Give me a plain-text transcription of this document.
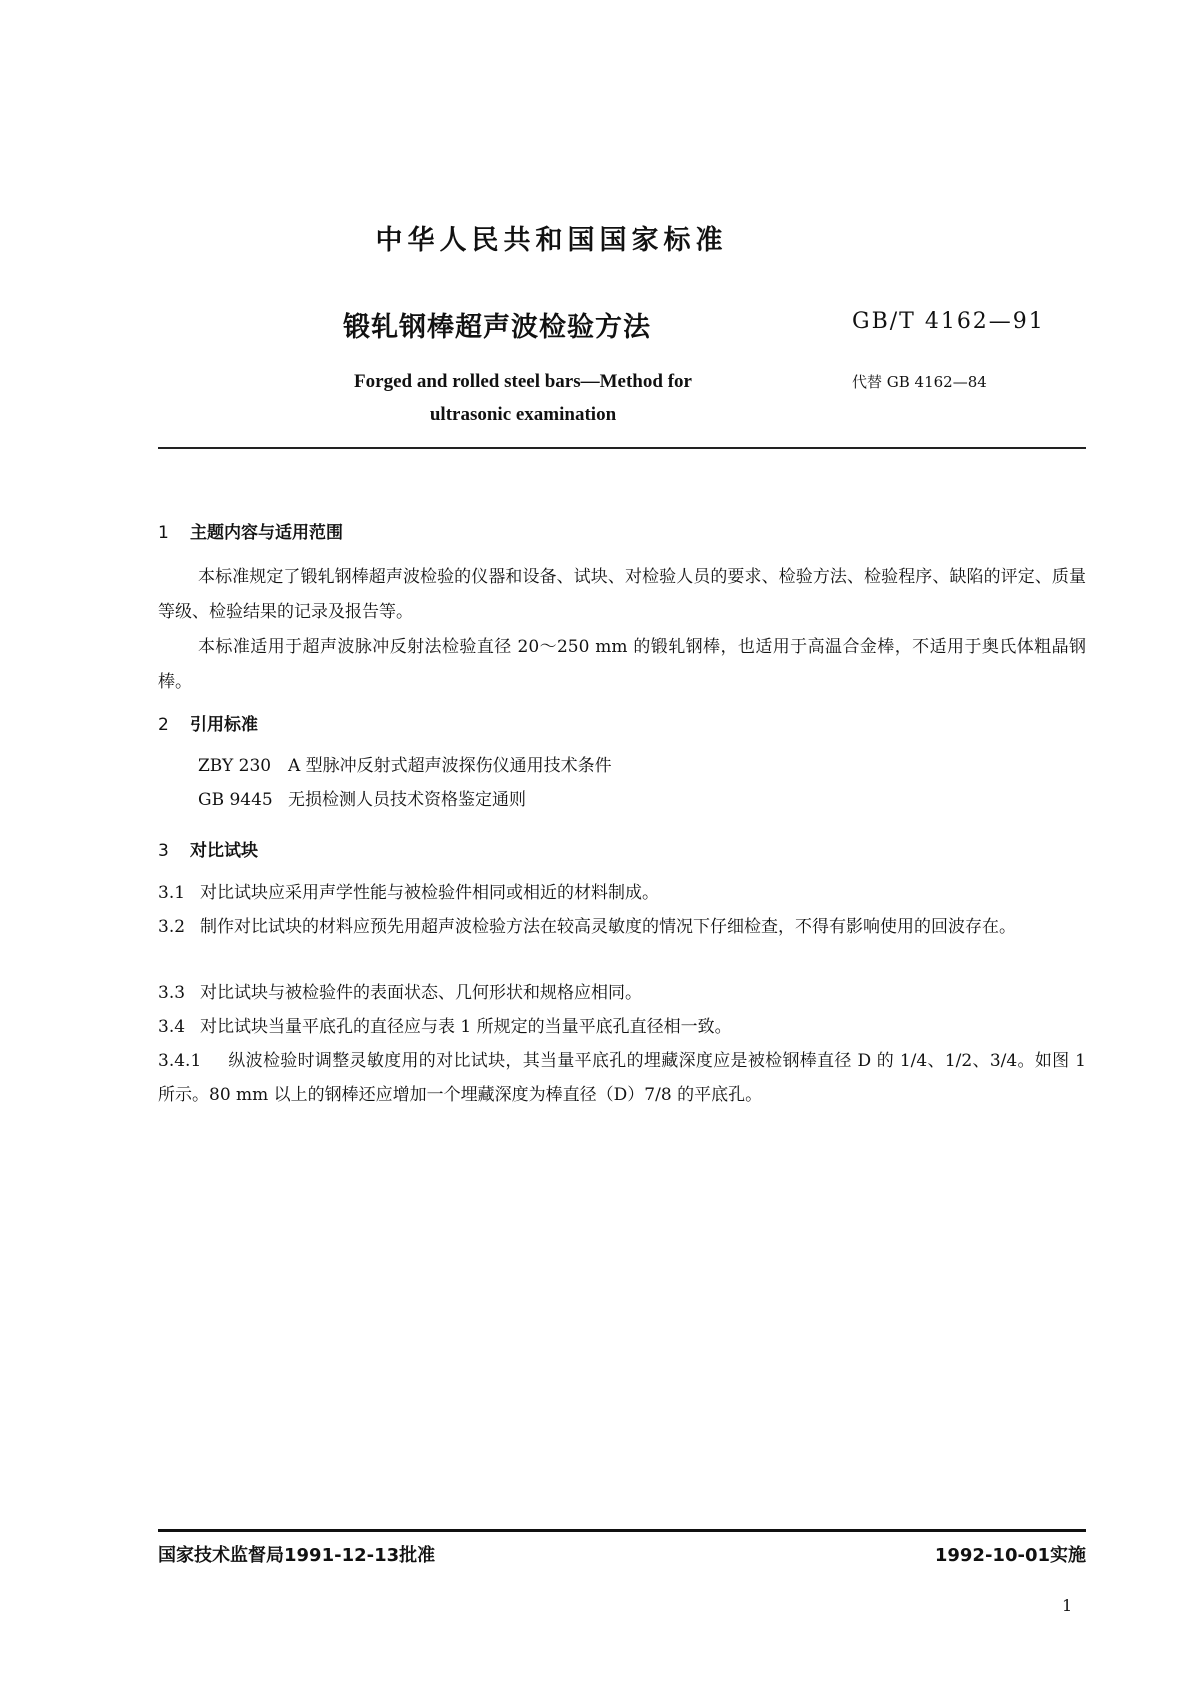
中华人民共和国国家标准
锻轧钢棒超声波检验方法	GB/T 4162—91
Forged and rolled steel bars—Method for
ultrasonic examination
代替 GB 4162—84
1 主题内容与适用范围
本标准规定了锻轧钢棒超声波检验的仪器和设备、试块、对检验人员的要求、检验方法、检验程序、缺陷的评定、质量等级、检验结果的记录及报告等。
本标准适用于超声波脉冲反射法检验直径 20～250 mm 的锻轧钢棒，也适用于高温合金棒，不适用于奥氏体粗晶钢棒。
2 引用标准
ZBY 230 A 型脉冲反射式超声波探伤仪通用技术条件
GB 9445 无损检测人员技术资格鉴定通则
3 对比试块
3.1 对比试块应采用声学性能与被检验件相同或相近的材料制成。
3.2 制作对比试块的材料应预先用超声波检验方法在较高灵敏度的情况下仔细检查，不得有影响使用的回波存在。
3.3 对比试块与被检验件的表面状态、几何形状和规格应相同。
3.4 对比试块当量平底孔的直径应与表 1 所规定的当量平底孔直径相一致。
3.4.1 纵波检验时调整灵敏度用的对比试块，其当量平底孔的埋藏深度应是被检钢棒直径 D 的 1/4、1/2、3/4。如图 1 所示。80 mm 以上的钢棒还应增加一个埋藏深度为棒直径（D）7/8 的平底孔。
国家技术监督局1991-12-13批准	1992-10-01实施
1
